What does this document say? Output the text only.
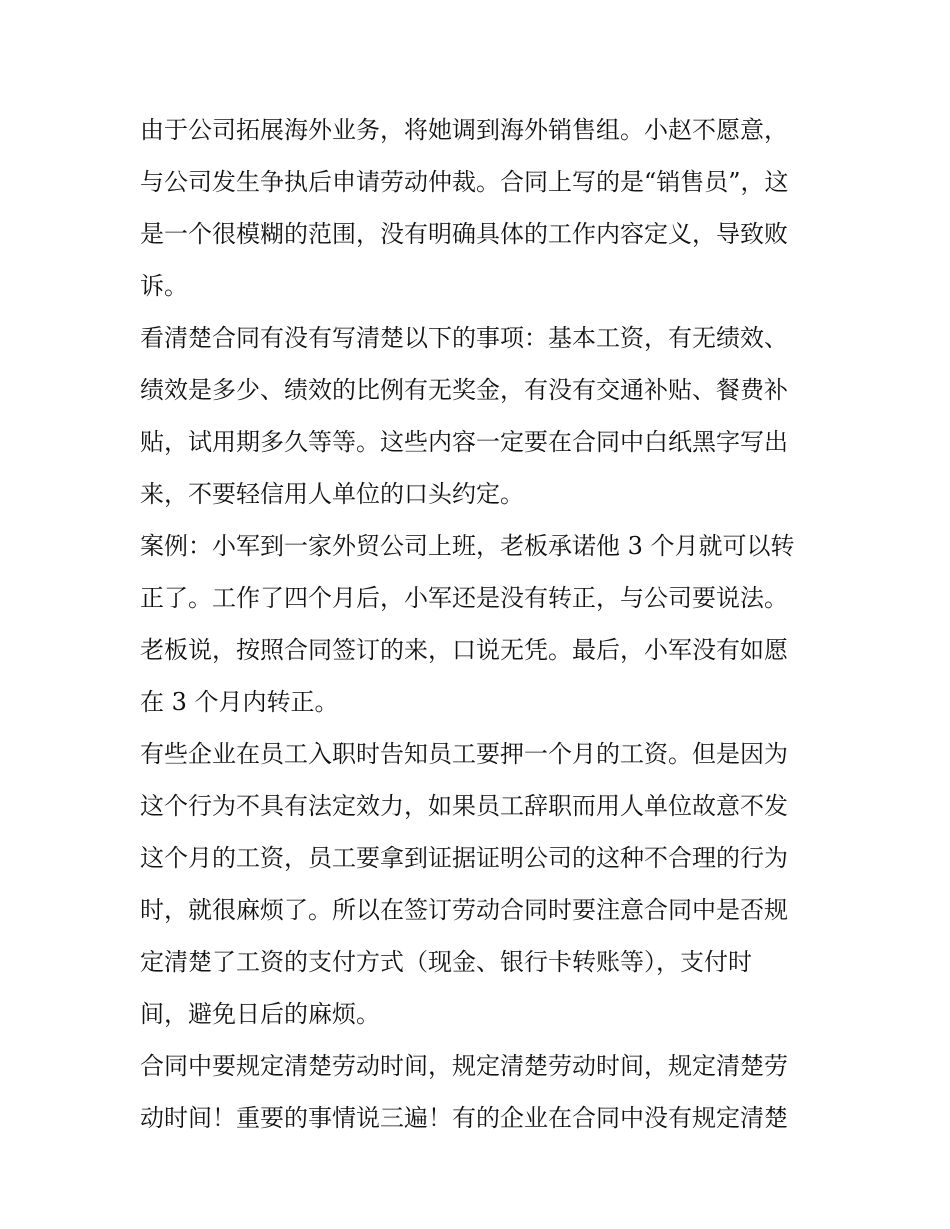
由于公司拓展海外业务，将她调到海外销售组。小赵不愿意，
与公司发生争执后申请劳动仲裁。合同上写的是“销售员”，这
是一个很模糊的范围，没有明确具体的工作内容定义，导致败
诉。
看清楚合同有没有写清楚以下的事项：基本工资，有无绩效、
绩效是多少、绩效的比例有无奖金，有没有交通补贴、餐费补
贴，试用期多久等等。这些内容一定要在合同中白纸黑字写出
来，不要轻信用人单位的口头约定。
案例：小军到一家外贸公司上班，老板承诺他 3 个月就可以转
正了。工作了四个月后，小军还是没有转正，与公司要说法。
老板说，按照合同签订的来，口说无凭。最后，小军没有如愿
在 3 个月内转正。
有些企业在员工入职时告知员工要押一个月的工资。但是因为
这个行为不具有法定效力，如果员工辞职而用人单位故意不发
这个月的工资，员工要拿到证据证明公司的这种不合理的行为
时，就很麻烦了。所以在签订劳动合同时要注意合同中是否规
定清楚了工资的支付方式（现金、银行卡转账等），支付时
间，避免日后的麻烦。
合同中要规定清楚劳动时间，规定清楚劳动时间，规定清楚劳
动时间！重要的事情说三遍！有的企业在合同中没有规定清楚
